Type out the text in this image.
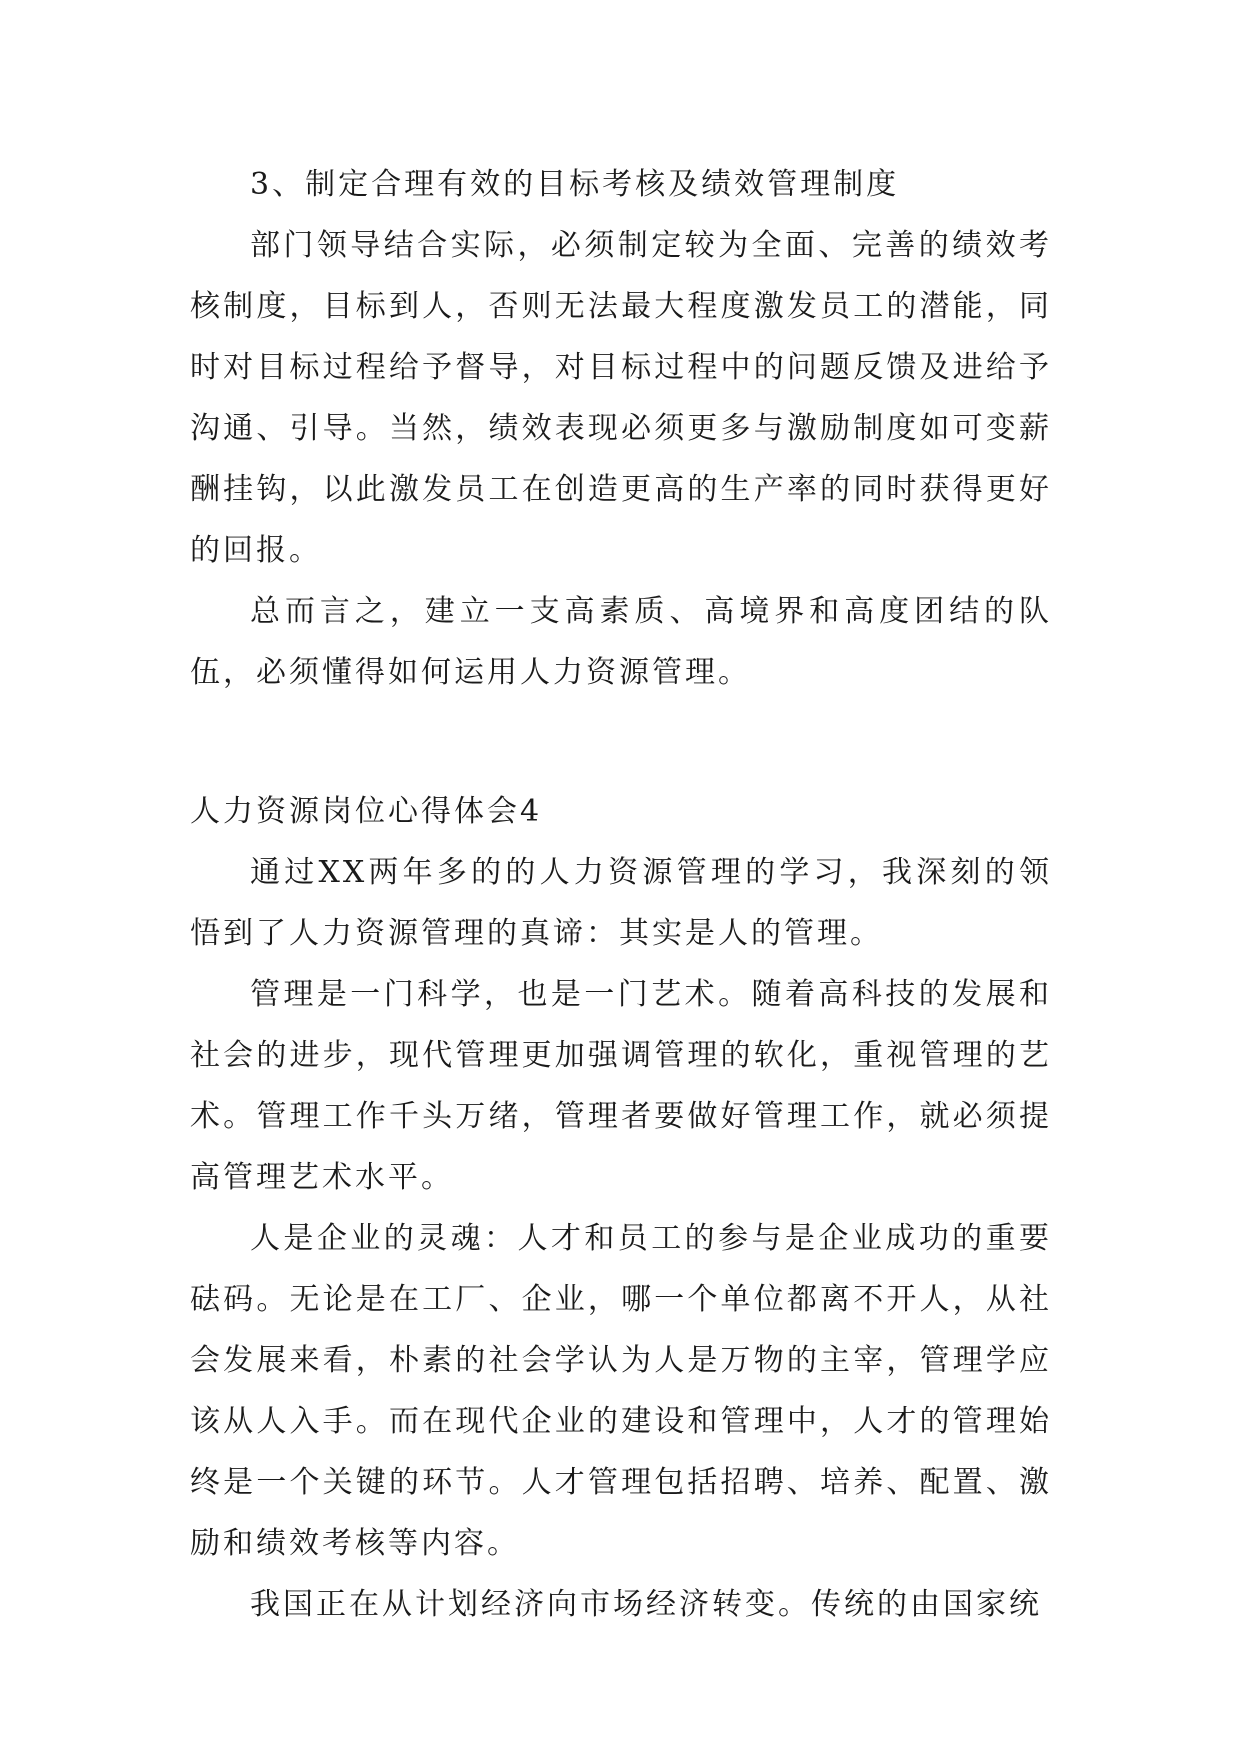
3、制定合理有效的目标考核及绩效管理制度

部门领导结合实际，必须制定较为全面、完善的绩效考核制度，目标到人，否则无法最大程度激发员工的潜能，同时对目标过程给予督导，对目标过程中的问题反馈及进给予沟通、引导。当然，绩效表现必须更多与激励制度如可变薪酬挂钩，以此激发员工在创造更高的生产率的同时获得更好的回报。

总而言之，建立一支高素质、高境界和高度团结的队伍，必须懂得如何运用人力资源管理。

人力资源岗位心得体会4

通过XX两年多的的人力资源管理的学习，我深刻的领悟到了人力资源管理的真谛：其实是人的管理。

管理是一门科学，也是一门艺术。随着高科技的发展和社会的进步，现代管理更加强调管理的软化，重视管理的艺术。管理工作千头万绪，管理者要做好管理工作，就必须提高管理艺术水平。

人是企业的灵魂：人才和员工的参与是企业成功的重要砝码。无论是在工厂、企业，哪一个单位都离不开人，从社会发展来看，朴素的社会学认为人是万物的主宰，管理学应该从人入手。而在现代企业的建设和管理中，人才的管理始终是一个关键的环节。人才管理包括招聘、培养、配置、激励和绩效考核等内容。

我国正在从计划经济向市场经济转变。传统的由国家统
